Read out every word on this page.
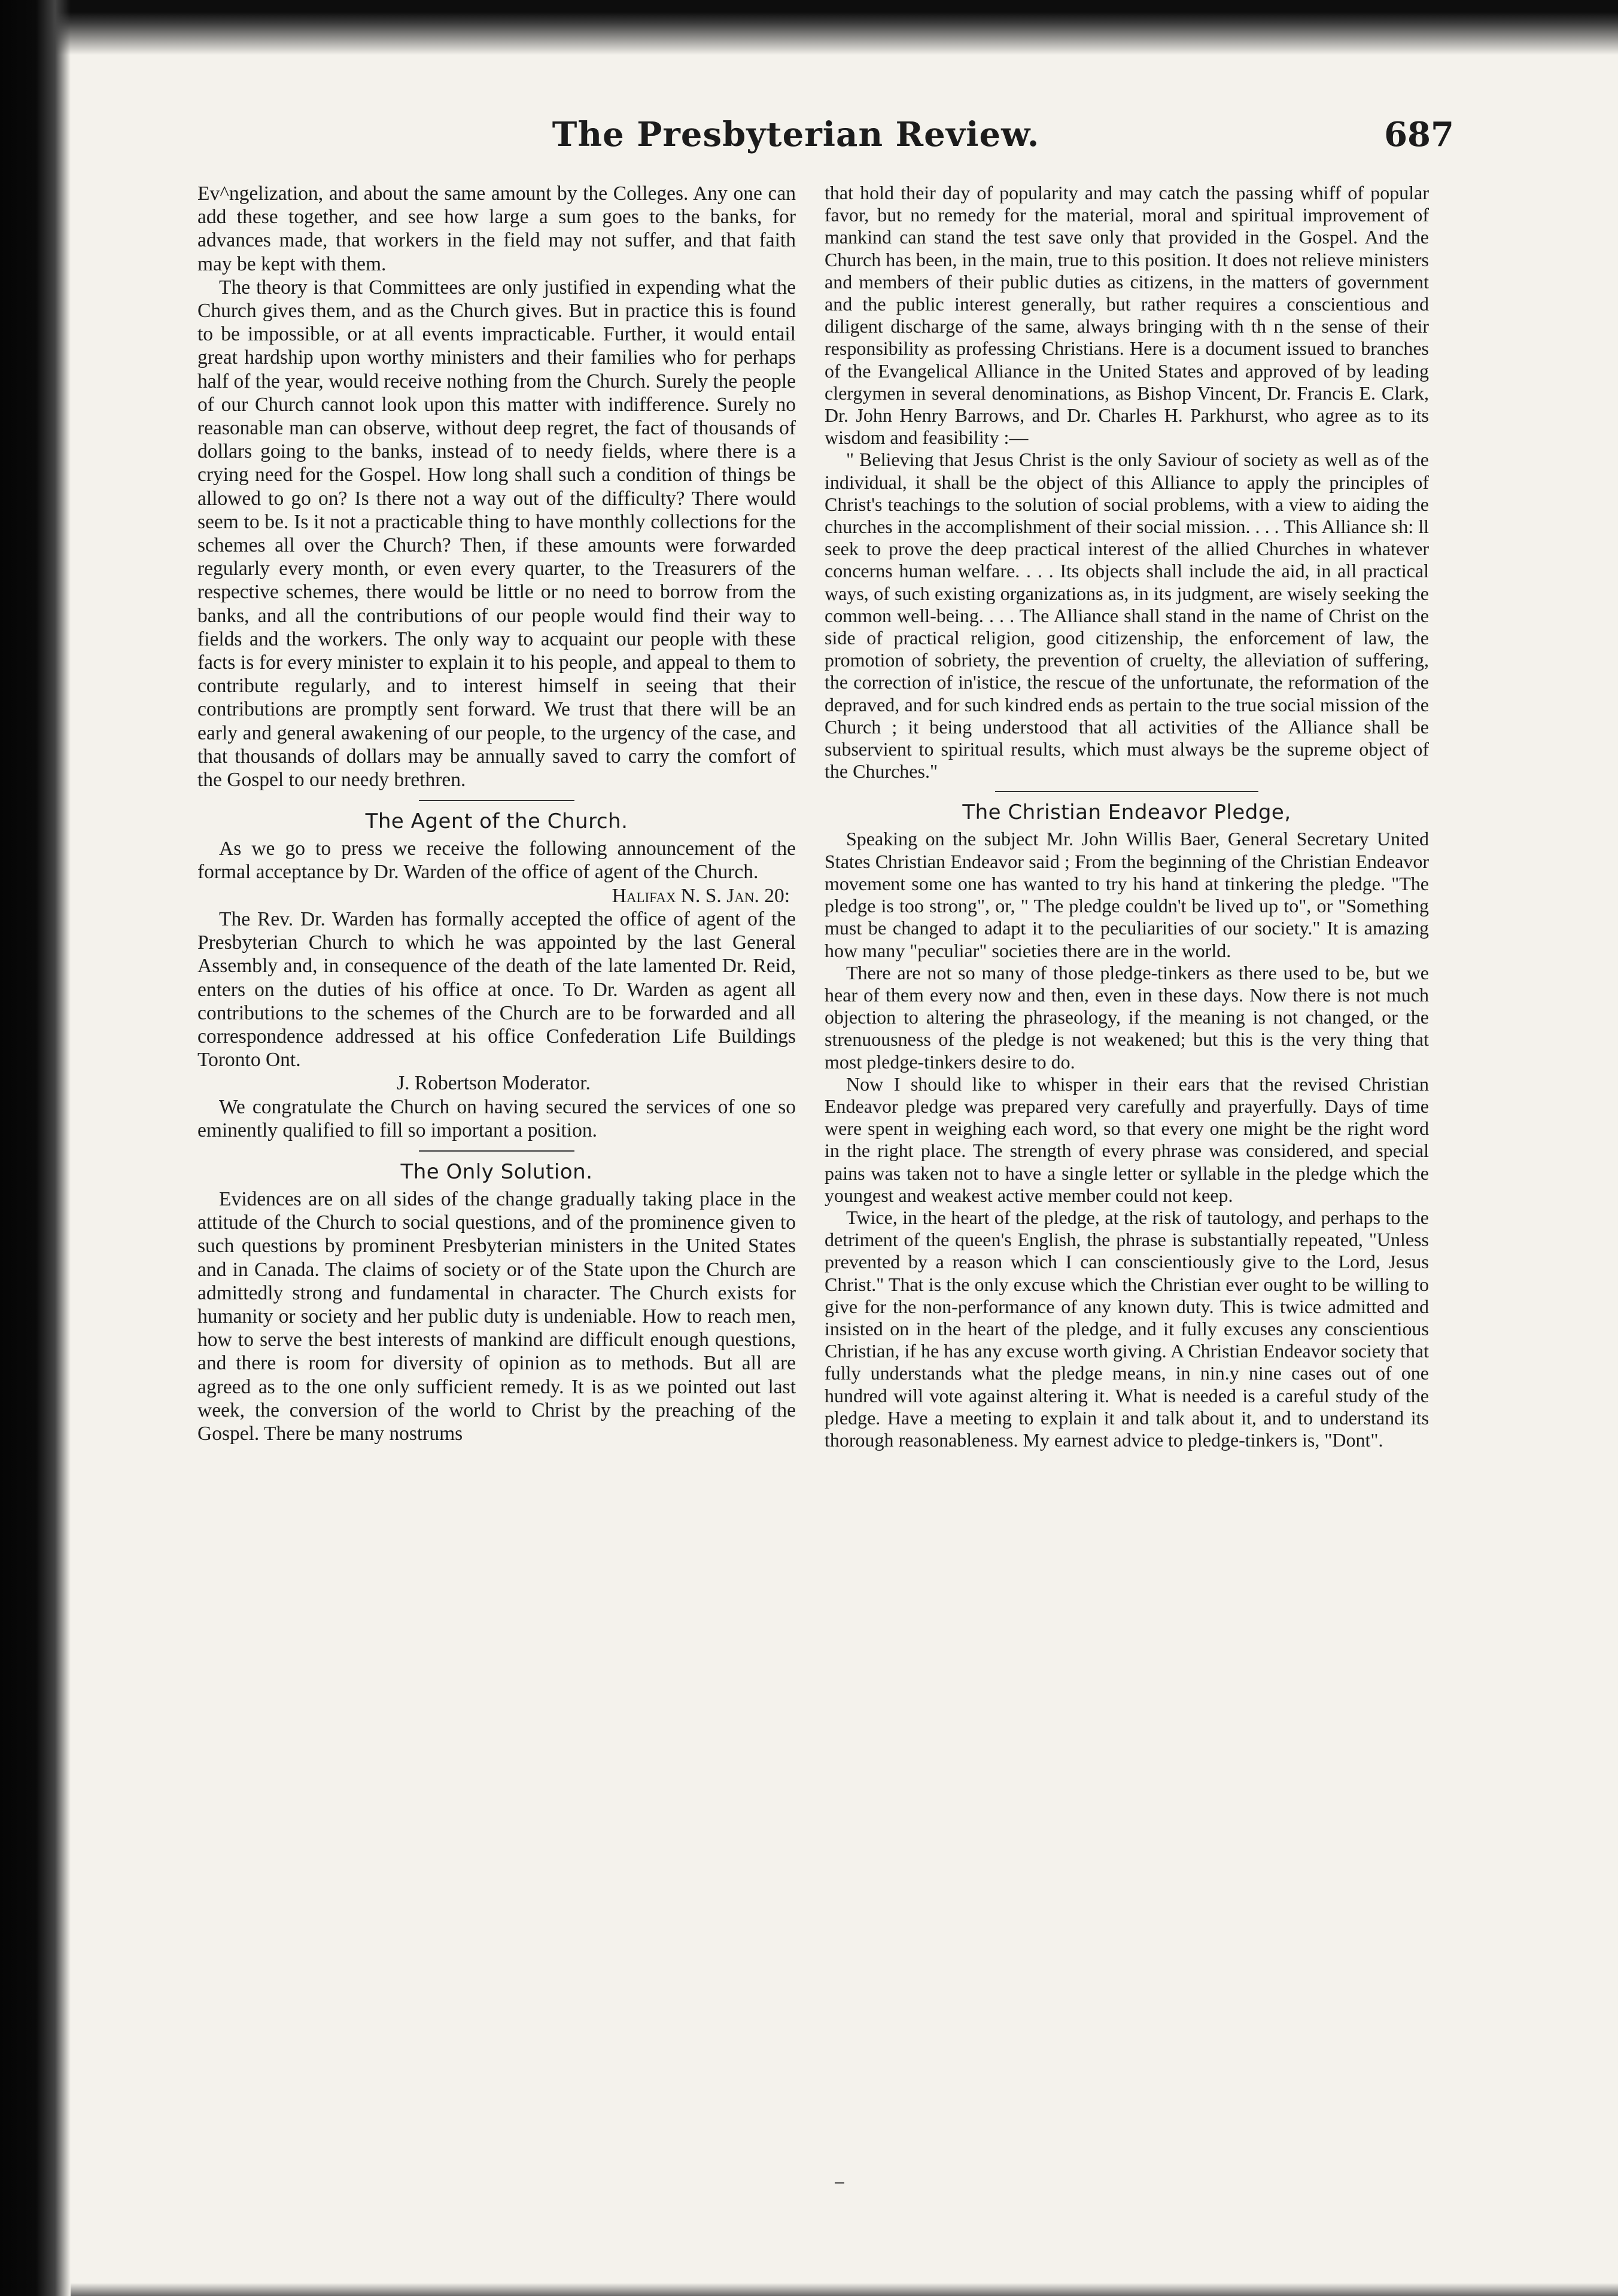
The Presbyterian Review.	687

Ev^ngelization, and about the same amount by the Colleges. Any one can add these together, and see how large a sum goes to the banks, for advances made, that workers in the field may not suffer, and that faith may be kept with them.

The theory is that Committees are only justified in expending what the Church gives them, and as the Church gives. But in practice this is found to be impossible, or at all events impracticable. Further, it would entail great hardship upon worthy ministers and their families who for perhaps half of the year, would receive nothing from the Church. Surely the people of our Church cannot look upon this matter with indifference. Surely no reasonable man can observe, without deep regret, the fact of thousands of dollars going to the banks, instead of to needy fields, where there is a crying need for the Gospel. How long shall such a condition of things be allowed to go on? Is there not a way out of the difficulty? There would seem to be. Is it not a practicable thing to have monthly collections for the schemes all over the Church? Then, if these amounts were forwarded regularly every month, or even every quarter, to the Treasurers of the respective schemes, there would be little or no need to borrow from the banks, and all the contributions of our people would find their way to fields and the workers. The only way to acquaint our people with these facts is for every minister to explain it to his people, and appeal to them to contribute regularly, and to interest himself in seeing that their contributions are promptly sent forward. We trust that there will be an early and general awakening of our people, to the urgency of the case, and that thousands of dollars may be annually saved to carry the comfort of the Gospel to our needy brethren.

The Agent of the Church.

As we go to press we receive the following announcement of the formal acceptance by Dr. Warden of the office of agent of the Church.

Halifax N. S. Jan. 20:

The Rev. Dr. Warden has formally accepted the office of agent of the Presbyterian Church to which he was appointed by the last General Assembly and, in consequence of the death of the late lamented Dr. Reid, enters on the duties of his office at once. To Dr. Warden as agent all contributions to the schemes of the Church are to be forwarded and all correspondence addressed at his office Confederation Life Buildings Toronto Ont.

J. Robertson Moderator.

We congratulate the Church on having secured the services of one so eminently qualified to fill so important a position.

The Only Solution.

Evidences are on all sides of the change gradually taking place in the attitude of the Church to social questions, and of the prominence given to such questions by prominent Presbyterian ministers in the United States and in Canada. The claims of society or of the State upon the Church are admittedly strong and fundamental in character. The Church exists for humanity or society and her public duty is undeniable. How to reach men, how to serve the best interests of mankind are difficult enough questions, and there is room for diversity of opinion as to methods. But all are agreed as to the one only sufficient remedy. It is as we pointed out last week, the conversion of the world to Christ by the preaching of the Gospel. There be many nostrums

that hold their day of popularity and may catch the passing whiff of popular favor, but no remedy for the material, moral and spiritual improvement of mankind can stand the test save only that provided in the Gospel. And the Church has been, in the main, true to this position. It does not relieve ministers and members of their public duties as citizens, in the matters of government and the public interest generally, but rather requires a conscientious and diligent discharge of the same, always bringing with th n the sense of their responsibility as professing Christians. Here is a document issued to branches of the Evangelical Alliance in the United States and approved of by leading clergymen in several denominations, as Bishop Vincent, Dr. Francis E. Clark, Dr. John Henry Barrows, and Dr. Charles H. Parkhurst, who agree as to its wisdom and feasibility :—

" Believing that Jesus Christ is the only Saviour of society as well as of the individual, it shall be the object of this Alliance to apply the principles of Christ's teachings to the solution of social problems, with a view to aiding the churches in the accomplishment of their social mission. . . . This Alliance sh: ll seek to prove the deep practical interest of the allied Churches in whatever concerns human welfare. . . . Its objects shall include the aid, in all practical ways, of such existing organizations as, in its judgment, are wisely seeking the common well-being. . . . The Alliance shall stand in the name of Christ on the side of practical religion, good citizenship, the enforcement of law, the promotion of sobriety, the prevention of cruelty, the alleviation of suffering, the correction of in'istice, the rescue of the unfortunate, the reformation of the depraved, and for such kindred ends as pertain to the true social mission of the Church ; it being understood that all activities of the Alliance shall be subservient to spiritual results, which must always be the supreme object of the Churches."

The Christian Endeavor Pledge,

Speaking on the subject Mr. John Willis Baer, General Secretary United States Christian Endeavor said ; From the beginning of the Christian Endeavor movement some one has wanted to try his hand at tinkering the pledge. "The pledge is too strong", or, " The pledge couldn't be lived up to", or "Something must be changed to adapt it to the peculiarities of our society." It is amazing how many "peculiar" societies there are in the world.

There are not so many of those pledge-tinkers as there used to be, but we hear of them every now and then, even in these days. Now there is not much objection to altering the phraseology, if the meaning is not changed, or the strenuousness of the pledge is not weakened; but this is the very thing that most pledge-tinkers desire to do.

Now I should like to whisper in their ears that the revised Christian Endeavor pledge was prepared very carefully and prayerfully. Days of time were spent in weighing each word, so that every one might be the right word in the right place. The strength of every phrase was considered, and special pains was taken not to have a single letter or syllable in the pledge which the youngest and weakest active member could not keep.

Twice, in the heart of the pledge, at the risk of tautology, and perhaps to the detriment of the queen's English, the phrase is substantially repeated, "Unless prevented by a reason which I can conscientiously give to the Lord, Jesus Christ." That is the only excuse which the Christian ever ought to be willing to give for the non-performance of any known duty. This is twice admitted and insisted on in the heart of the pledge, and it fully excuses any conscientious Christian, if he has any excuse worth giving. A Christian Endeavor society that fully understands what the pledge means, in nin.y nine cases out of one hundred will vote against altering it. What is needed is a careful study of the pledge. Have a meeting to explain it and talk about it, and to understand its thorough reasonableness. My earnest advice to pledge-tinkers is, "Dont".
